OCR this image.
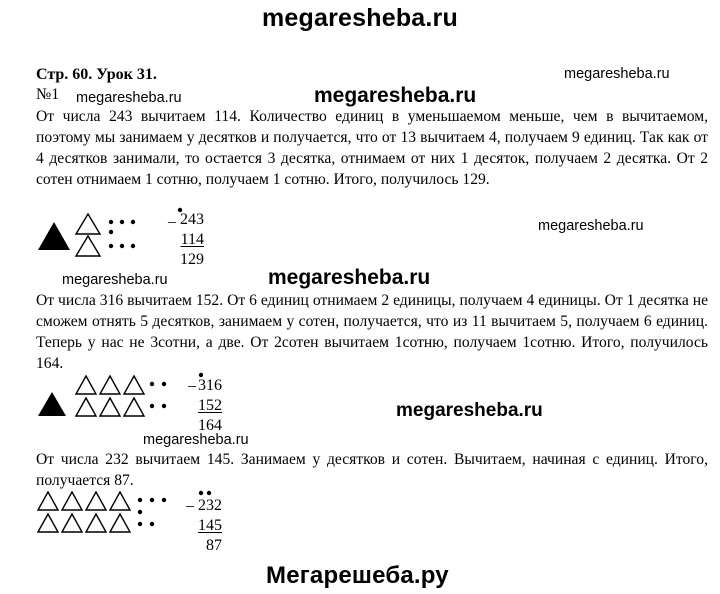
megaresheba.ru
Стр. 60. Урок 31.
№1
megaresheba.ru
megaresheba.ru	megaresheba.ru
От числа 243 вычитаем 114. Количество единиц в уменьшаемом меньше, чем в вычитаемом, поэтому мы занимаем у десятков и получается, что от 13 вычитаем 4, получаем 9 единиц. Так как от 4 десятков занимали, то остается 3 десятка, отнимаем от них 1 десяток, получаем 2 десятка. От 2 сотен отнимаем 1 сотню, получаем 1 сотню. Итого, получилось 129.
_ 243
114
129
megaresheba.ru
megaresheba.ru	megaresheba.ru
От числа 316 вычитаем 152. От 6 единиц отнимаем 2 единицы, получаем 4 единицы. От 1 десятка не сможем отнять 5 десятков, занимаем у сотен, получается, что из 11 вычитаем 5, получаем 6 единиц. Теперь у нас не 3сотни, а две. От 2сотен вычитаем 1сотню, получаем 1сотню. Итого, получилось 164.
_ 316
152
164
megaresheba.ru
megaresheba.ru
От числа 232 вычитаем 145. Занимаем у десятков и сотен. Вычитаем, начиная с единиц. Итого, получается 87.
_ 232
145
87
Мегарешеба.ру
